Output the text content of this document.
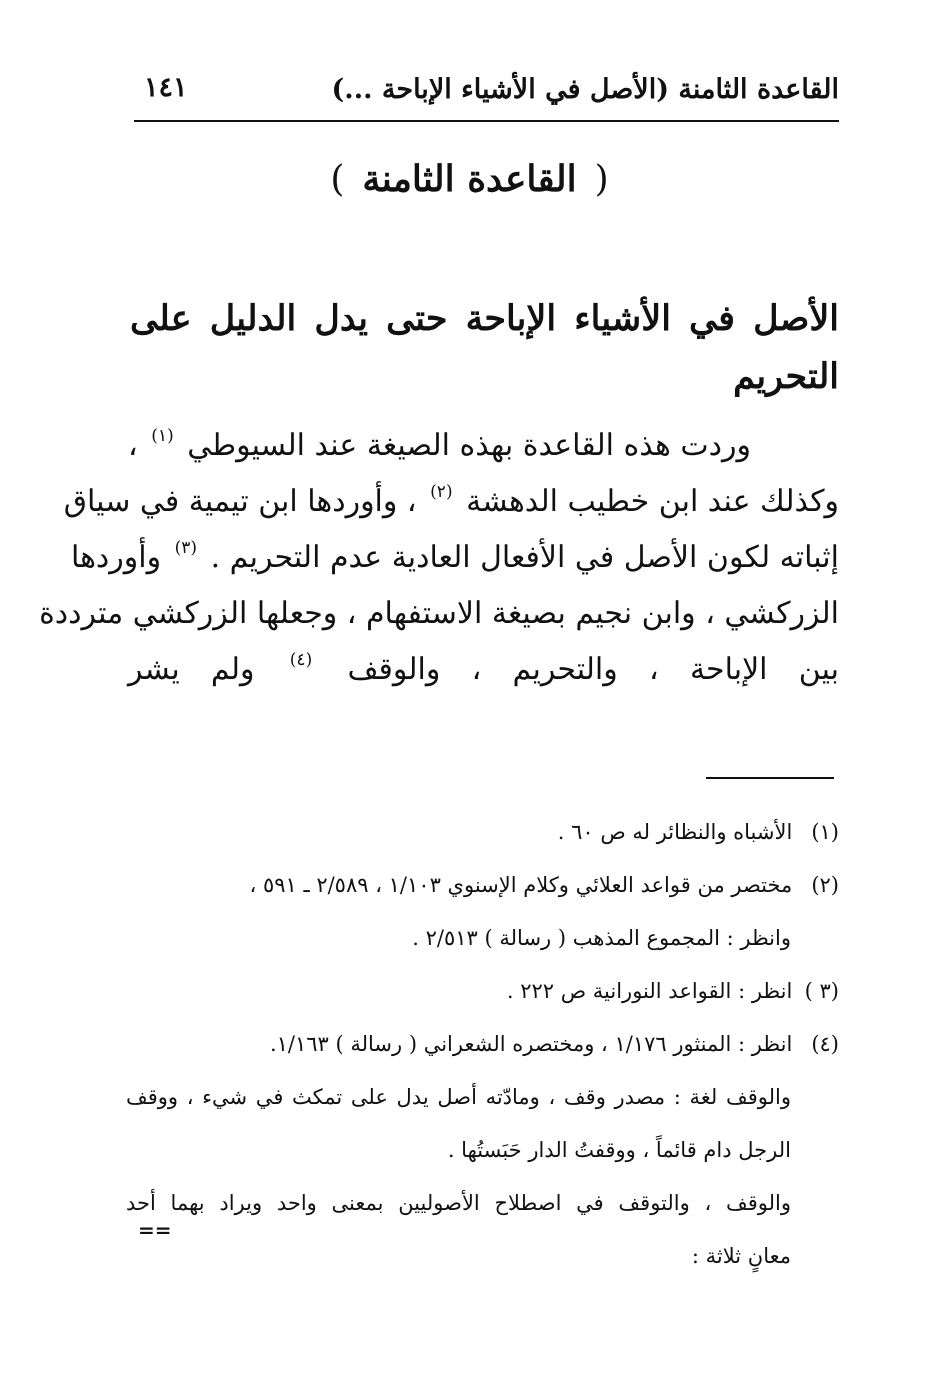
القاعدة الثامنة (الأصل في الأشياء الإباحة ...)
١٤١
(القاعدة الثامنة)
الأصل في الأشياء الإباحة حتى يدل الدليل على التحريم
وردت هذه القاعدة بهذه الصيغة عند السيوطي $^{(١)}$ ،
وكذلك عند ابن خطيب الدهشة $^{(٢)}$ ، وأوردها ابن تيمية في سياق
إثباته لكون الأصل في الأفعال العادية عدم التحريم . $^{(٣)}$ وأوردها
الزركشي ، وابن نجيم بصيغة الاستفهام ، وجعلها الزركشي مترددة
بين الإباحة ، والتحريم ، والوقف $^{(٤)}$ ولم يشر
(١) الأشباه والنظائر له ص ٦٠ .
(٢) مختصر من قواعد العلائي وكلام الإسنوي ١/١٠٣ ، ٢/٥٨٩ ـ ٥٩١ ،
وانظر : المجموع المذهب ( رسالة ) ٢/٥١٣ .
(٣ ) انظر : القواعد النورانية ص ٢٢٢ .
(٤) انظر : المنثور ١/١٧٦ ، ومختصره الشعراني ( رسالة ) ١/١٦٣.
والوقف لغة : مصدر وقف ، ومادّته أصل يدل على تمكث في شيء ، ووقف
الرجل دام قائماً ، ووقفتُ الدار حَبَستُها .
والوقف ، والتوقف في اصطلاح الأصوليين بمعنى واحد ويراد بهما أحد
معانٍ ثلاثة :
==
